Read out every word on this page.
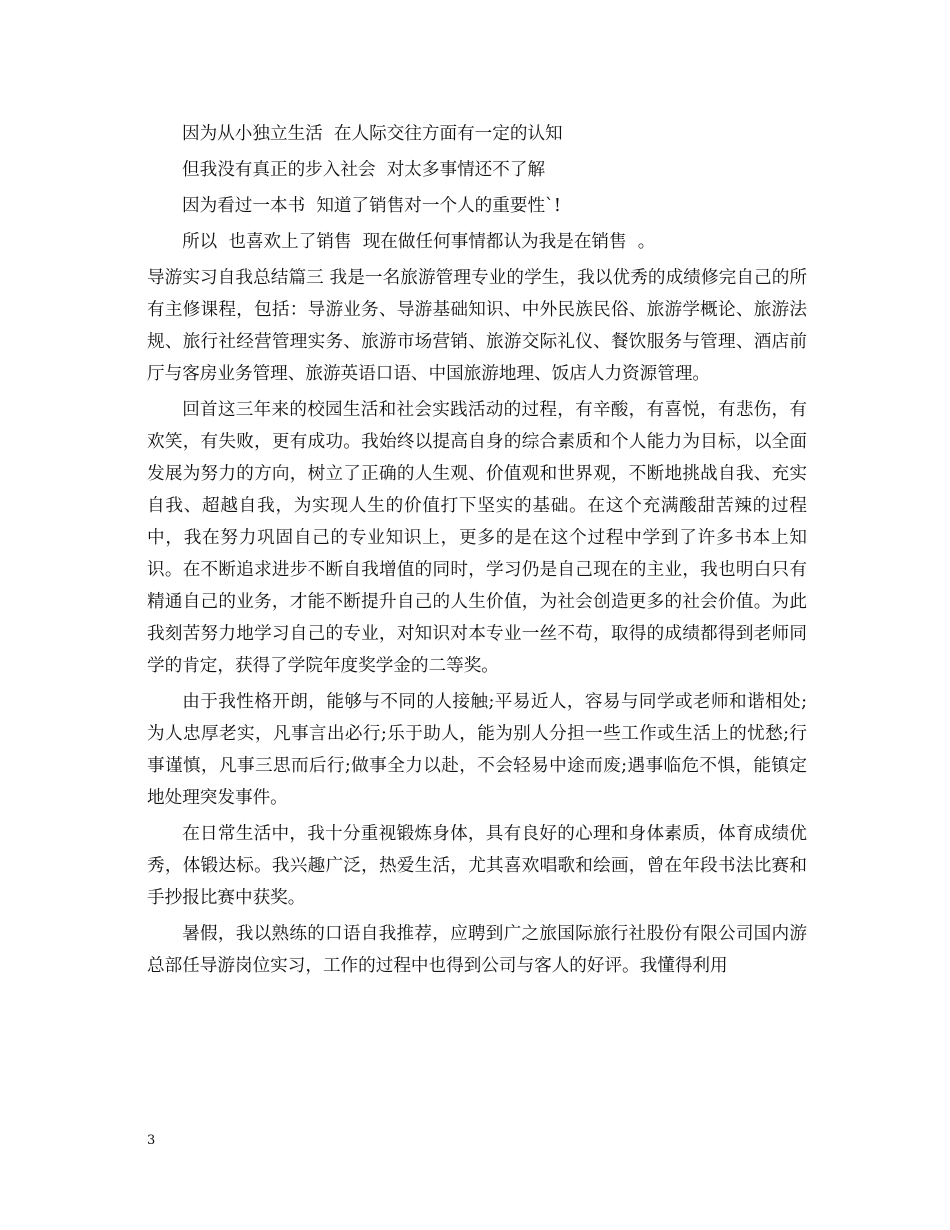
因为从小独立生活  在人际交往方面有一定的认知

但我没有真正的步入社会  对太多事情还不了解

因为看过一本书  知道了销售对一个人的重要性`!

所以  也喜欢上了销售  现在做任何事情都认为我是在销售  。

导游实习自我总结篇三 我是一名旅游管理专业的学生，我以优秀的成绩修完自己的所有主修课程，包括：导游业务、导游基础知识、中外民族民俗、旅游学概论、旅游法规、旅行社经营管理实务、旅游市场营销、旅游交际礼仪、餐饮服务与管理、酒店前厅与客房业务管理、旅游英语口语、中国旅游地理、饭店人力资源管理。

回首这三年来的校园生活和社会实践活动的过程，有辛酸，有喜悦，有悲伤，有欢笑，有失败，更有成功。我始终以提高自身的综合素质和个人能力为目标，以全面发展为努力的方向，树立了正确的人生观、价值观和世界观，不断地挑战自我、充实自我、超越自我，为实现人生的价值打下坚实的基础。在这个充满酸甜苦辣的过程中，我在努力巩固自己的专业知识上，更多的是在这个过程中学到了许多书本上知识。在不断追求进步不断自我增值的同时，学习仍是自己现在的主业，我也明白只有精通自己的业务，才能不断提升自己的人生价值，为社会创造更多的社会价值。为此我刻苦努力地学习自己的专业，对知识对本专业一丝不苟，取得的成绩都得到老师同学的肯定，获得了学院年度奖学金的二等奖。

由于我性格开朗，能够与不同的人接触;平易近人，容易与同学或老师和谐相处;为人忠厚老实，凡事言出必行;乐于助人，能为别人分担一些工作或生活上的忧愁;行事谨慎，凡事三思而后行;做事全力以赴，不会轻易中途而废;遇事临危不惧，能镇定地处理突发事件。

在日常生活中，我十分重视锻炼身体，具有良好的心理和身体素质，体育成绩优秀，体锻达标。我兴趣广泛，热爱生活，尤其喜欢唱歌和绘画，曾在年段书法比赛和手抄报比赛中获奖。

暑假，我以熟练的口语自我推荐，应聘到广之旅国际旅行社股份有限公司国内游总部任导游岗位实习，工作的过程中也得到公司与客人的好评。我懂得利用

3
